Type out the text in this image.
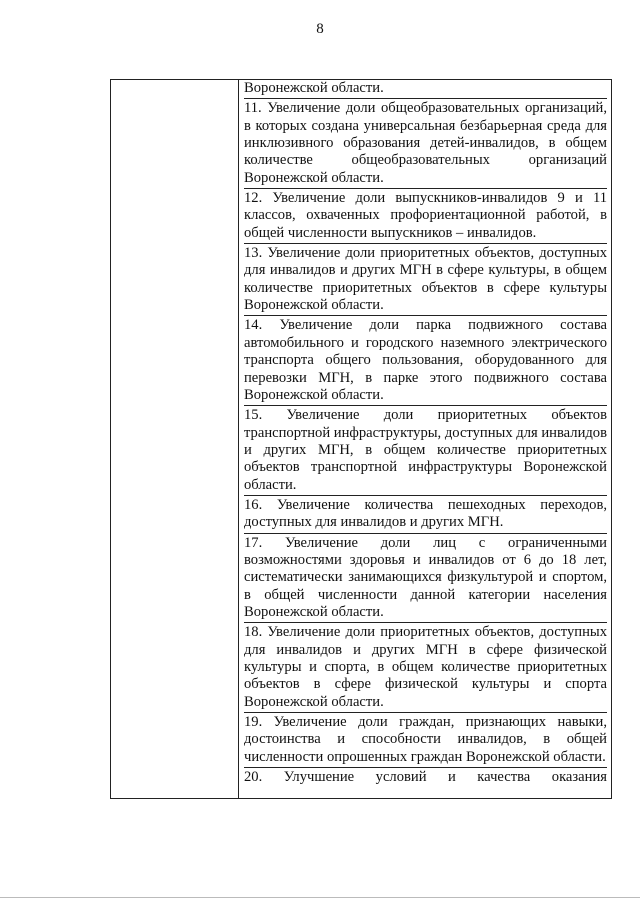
8

Воронежской области.

11. Увеличение доли общеобразовательных организаций, в которых создана универсальная безбарьерная среда для инклюзивного образования детей-инвалидов, в общем количестве общеобразовательных организаций Воронежской области.

12. Увеличение доли выпускников-инвалидов 9 и 11 классов, охваченных профориентационной работой, в общей численности выпускников – инвалидов.

13. Увеличение доли приоритетных объектов, доступных для инвалидов и других МГН в сфере культуры, в общем количестве приоритетных объектов в сфере культуры Воронежской области.

14. Увеличение доли парка подвижного состава автомобильного и городского наземного электрического транспорта общего пользования, оборудованного для перевозки МГН, в парке этого подвижного состава Воронежской области.

15. Увеличение доли приоритетных объектов транспортной инфраструктуры, доступных для инвалидов и других МГН, в общем количестве приоритетных объектов транспортной инфраструктуры Воронежской области.

16. Увеличение количества пешеходных переходов, доступных для инвалидов и других МГН.

17. Увеличение доли лиц с ограниченными возможностями здоровья и инвалидов от 6 до 18 лет, систематически занимающихся физкультурой и спортом, в общей численности данной категории населения Воронежской области.

18. Увеличение доли приоритетных объектов, доступных для инвалидов и других МГН в сфере физической культуры и спорта, в общем количестве приоритетных объектов в сфере физической культуры и спорта Воронежской области.

19. Увеличение доли граждан, признающих навыки, достоинства и способности инвалидов, в общей численности опрошенных граждан Воронежской области.

20. Улучшение условий и качества оказания
